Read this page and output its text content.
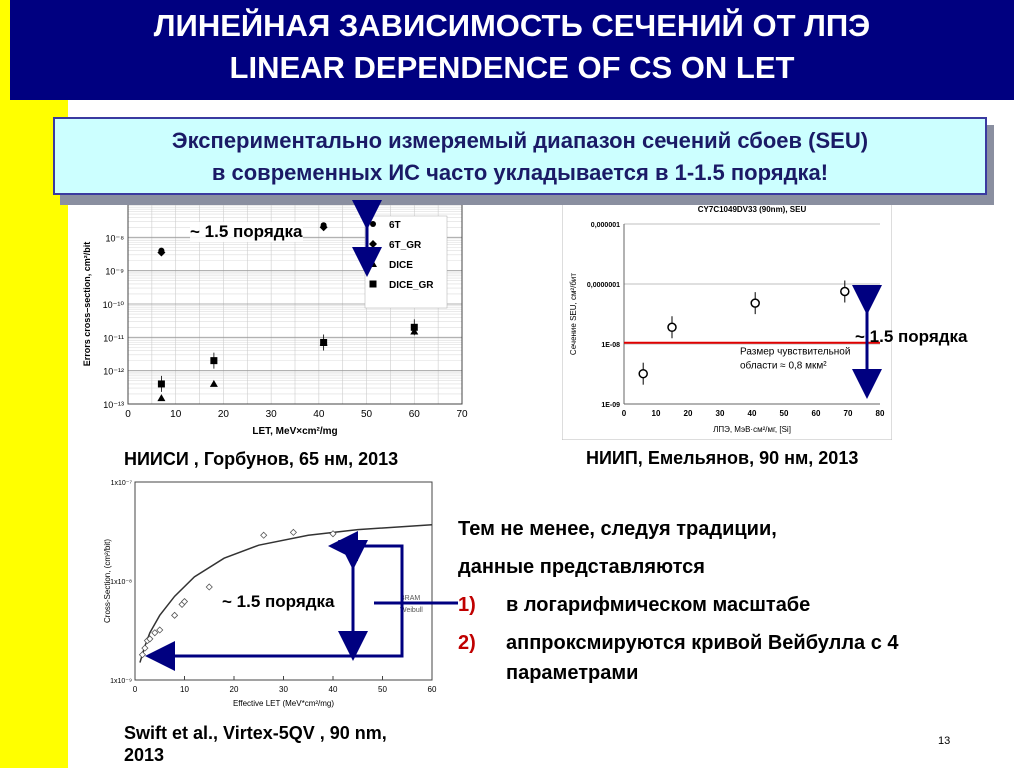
ЛИНЕЙНАЯ ЗАВИСИМОСТЬ СЕЧЕНИЙ ОТ ЛПЭ
LINEAR DEPENDENCE OF CS ON LET
0	10	20	30	40	50	60	70
10⁻¹³
10⁻¹²
10⁻¹¹
10⁻¹⁰
10⁻⁹
10⁻⁸
LET, MeV×cm²/mg
Errors cross–section, cm²/bit
6T
6T_GR
DICE
DICE_GR
CY7C1049DV33 (90nm), SEU
0	10	20	30	40	50	60	70	80
1E-09
1E-08
0,0000001
0,000001
ЛПЭ, МэВ·см²/мг, [Si]
Сечение SEU, см²/бит	Размер чувствительной
области ≈ 0,8 мкм²
0	10	20	30	40	50	60
1x10⁻⁹
1x10⁻⁸
1x10⁻⁷
Effective LET (MeV*cm²/mg)
Cross-Section, (cm²/bit)	BRAM
Weibull
Экспериментально измеряемый диапазон сечений сбоев (SEU)
в современных ИС часто укладывается в 1-1.5 порядка!
~ 1.5 порядка
~ 1.5 порядка
~ 1.5 порядка
НИИСИ , Горбунов, 65 нм, 2013	НИИП, Емельянов, 90 нм, 2013
Swift et al., Virtex-5QV , 90 nm,
2013
Тем не менее, следуя традиции,
данные представляются
1) в логарифмическом масштабе
2) аппроксмируются кривой Вейбулла с 4
параметрами
13
